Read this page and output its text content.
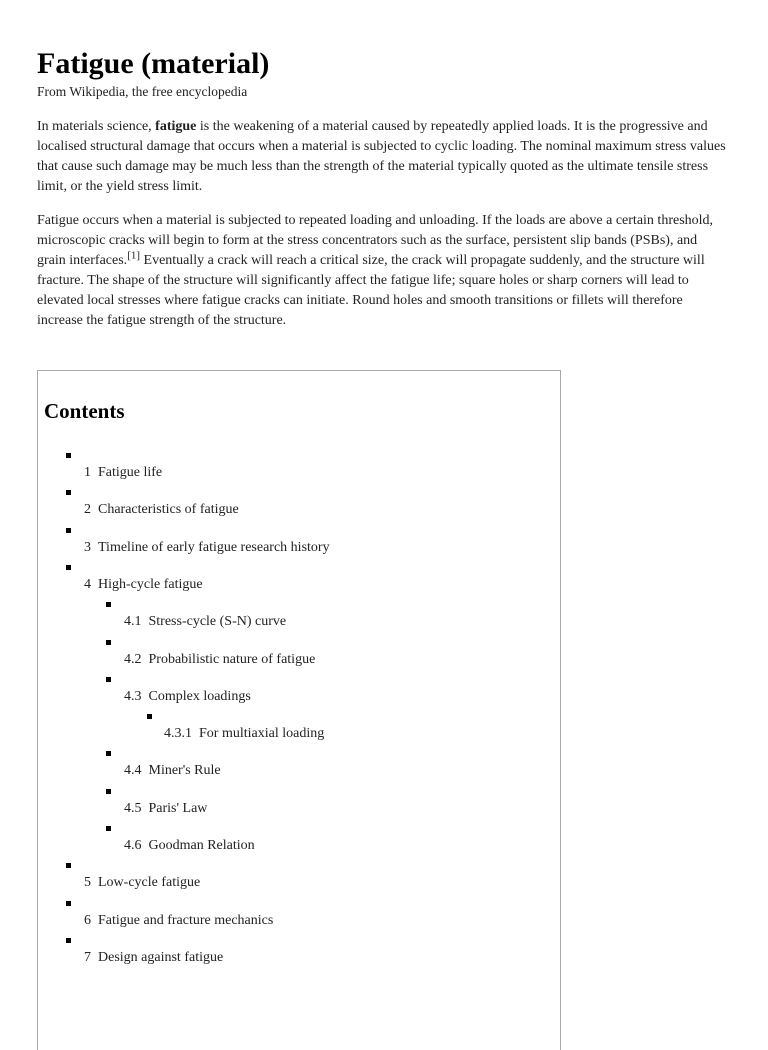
Fatigue (material)
From Wikipedia, the free encyclopedia

In materials science, fatigue is the weakening of a material caused by repeatedly applied loads. It is the progressive and localised structural damage that occurs when a material is subjected to cyclic loading. The nominal maximum stress values that cause such damage may be much less than the strength of the material typically quoted as the ultimate tensile stress limit, or the yield stress limit.

Fatigue occurs when a material is subjected to repeated loading and unloading. If the loads are above a certain threshold, microscopic cracks will begin to form at the stress concentrators such as the surface, persistent slip bands (PSBs), and grain interfaces.[1] Eventually a crack will reach a critical size, the crack will propagate suddenly, and the structure will fracture. The shape of the structure will significantly affect the fatigue life; square holes or sharp corners will lead to elevated local stresses where fatigue cracks can initiate. Round holes and smooth transitions or fillets will therefore increase the fatigue strength of the structure.

Contents
1 Fatigue life
2 Characteristics of fatigue
3 Timeline of early fatigue research history
4 High-cycle fatigue
4.1 Stress-cycle (S-N) curve
4.2 Probabilistic nature of fatigue
4.3 Complex loadings
4.3.1 For multiaxial loading
4.4 Miner's Rule
4.5 Paris' Law
4.6 Goodman Relation
5 Low-cycle fatigue
6 Fatigue and fracture mechanics
7 Design against fatigue
